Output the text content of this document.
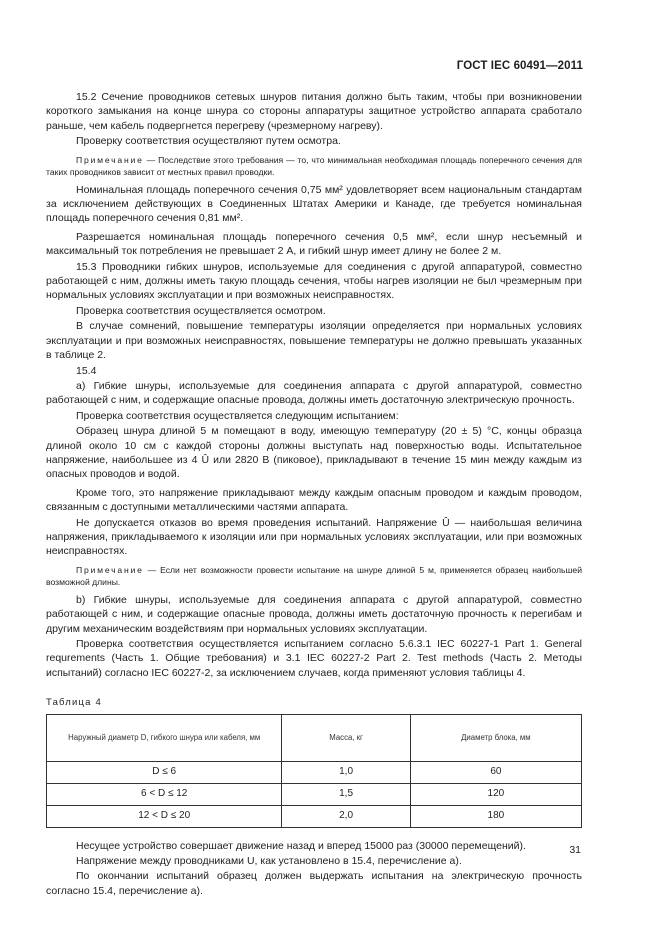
ГОСТ IEC 60491—2011

15.2 Сечение проводников сетевых шнуров питания должно быть таким, чтобы при возникновении короткого замыкания на конце шнура со стороны аппаратуры защитное устройство аппарата сработало раньше, чем кабель подвергнется перегреву (чрезмерному нагреву).

Проверку соответствия осуществляют путем осмотра.

Примечание — Последствие этого требования — то, что минимальная необходимая площадь поперечного сечения для таких проводников зависит от местных правил проводки.

Номинальная площадь поперечного сечения 0,75 мм² удовлетворяет всем национальным стандартам за исключением действующих в Соединенных Штатах Америки и Канаде, где требуется номинальная площадь поперечного сечения 0,81 мм².

Разрешается номинальная площадь поперечного сечения 0,5 мм², если шнур несъемный и максимальный ток потребления не превышает 2 А, и гибкий шнур имеет длину не более 2 м.

15.3 Проводники гибких шнуров, используемые для соединения с другой аппаратурой, совместно работающей с ним, должны иметь такую площадь сечения, чтобы нагрев изоляции не был чрезмерным при нормальных условиях эксплуатации и при возможных неисправностях.

Проверка соответствия осуществляется осмотром.

В случае сомнений, повышение температуры изоляции определяется при нормальных условиях эксплуатации и при возможных неисправностях, повышение температуры не должно превышать указанных в таблице 2.

15.4

a) Гибкие шнуры, используемые для соединения аппарата с другой аппаратурой, совместно работающей с ним, и содержащие опасные провода, должны иметь достаточную электрическую прочность.

Проверка соответствия осуществляется следующим испытанием:

Образец шнура длиной 5 м помещают в воду, имеющую температуру (20 ± 5) °С, концы образца длиной около 10 см с каждой стороны должны выступать над поверхностью воды. Испытательное напряжение, наибольшее из 4 Û или 2820 В (пиковое), прикладывают в течение 15 мин между каждым из опасных проводов и водой.

Кроме того, это напряжение прикладывают между каждым опасным проводом и каждым проводом, связанным с доступными металлическими частями аппарата.

Не допускается отказов во время проведения испытаний. Напряжение Û — наибольшая величина напряжения, прикладываемого к изоляции или при нормальных условиях эксплуатации, или при возможных неисправностях.

Примечание — Если нет возможности провести испытание на шнуре длиной 5 м, применяется образец наибольшей возможной длины.

b) Гибкие шнуры, используемые для соединения аппарата с другой аппаратурой, совместно работающей с ним, и содержащие опасные провода, должны иметь достаточную прочность к перегибам и другим механическим воздействиям при нормальных условиях эксплуатации.

Проверка соответствия осуществляется испытанием согласно 5.6.3.1 IEC 60227-1 Part 1. General requrements (Часть 1. Общие требования) и 3.1 IEC 60227-2 Part 2. Test methods (Часть 2. Методы испытаний) согласно IEC 60227-2, за исключением случаев, когда применяют условия таблицы 4.

Таблица 4
Наружный диаметр D, гибкого шнура или кабеля, мм	Масса, кг	Диаметр блока, мм
D ≤ 6	1,0	60
6 < D ≤ 12	1,5	120
12 < D ≤ 20	2,0	180

Несущее устройство совершает движение назад и вперед 15000 раз (30000 перемещений).

Напряжение между проводниками U, как установлено в 15.4, перечисление а).

По окончании испытаний образец должен выдержать испытания на электрическую прочность согласно 15.4, перечисление а).

31
